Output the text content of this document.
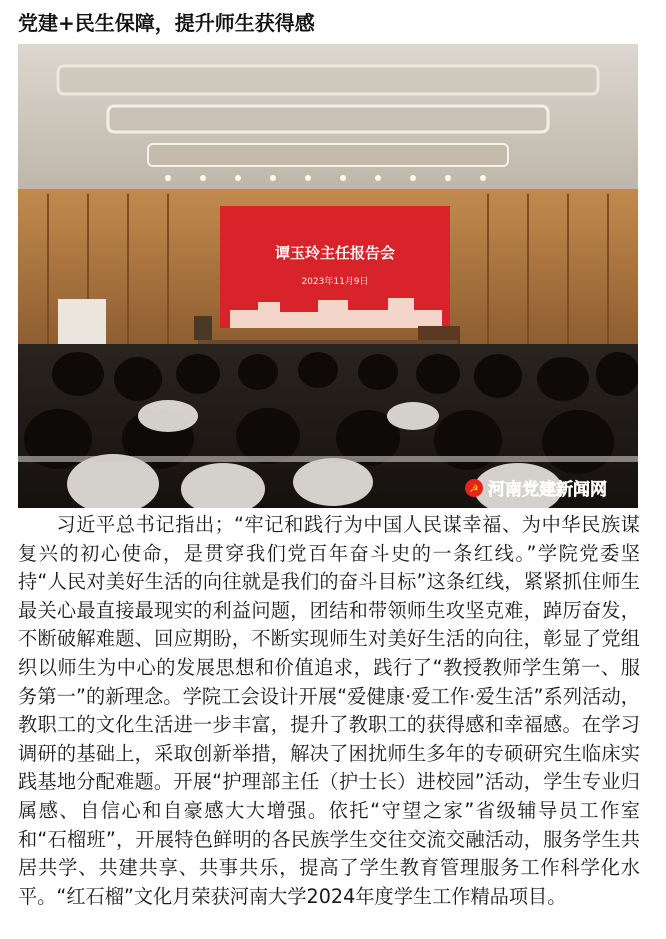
党建+民生保障，提升师生获得感
谭玉玲主任报告会
2023年11月9日
☭ 河南党建新闻网

习近平总书记指出；“牢记和践行为中国人民谋幸福、为中华民族谋复兴的初心使命，是贯穿我们党百年奋斗史的一条红线。”学院党委坚持“人民对美好生活的向往就是我们的奋斗目标”这条红线，紧紧抓住师生最关心最直接最现实的利益问题，团结和带领师生攻坚克难，踔厉奋发，不断破解难题、回应期盼，不断实现师生对美好生活的向往，彰显了党组织以师生为中心的发展思想和价值追求，践行了“教授教师学生第一、服务第一”的新理念。学院工会设计开展“爱健康·爱工作·爱生活”系列活动，教职工的文化生活进一步丰富，提升了教职工的获得感和幸福感。在学习调研的基础上，采取创新举措，解决了困扰师生多年的专硕研究生临床实践基地分配难题。开展“护理部主任（护士长）进校园”活动，学生专业归属感、自信心和自豪感大大增强。依托“守望之家”省级辅导员工作室和“石榴班”，开展特色鲜明的各民族学生交往交流交融活动，服务学生共居共学、共建共享、共事共乐，提高了学生教育管理服务工作科学化水平。“红石榴”文化月荣获河南大学2024年度学生工作精品项目。
